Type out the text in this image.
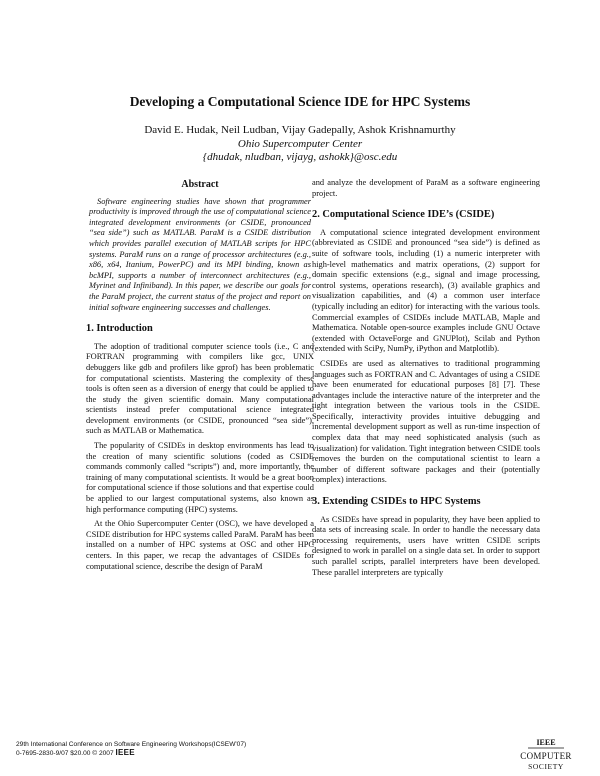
Developing a Computational Science IDE for HPC Systems
David E. Hudak, Neil Ludban, Vijay Gadepally, Ashok Krishnamurthy
Ohio Supercomputer Center
{dhudak, nludban, vijayg, ashokk}@osc.edu
Abstract

Software engineering studies have shown that programmer productivity is improved through the use of computational science integrated development environments (or CSIDE, pronounced “sea side”) such as MATLAB. ParaM is a CSIDE distribution which provides parallel execution of MATLAB scripts for HPC systems. ParaM runs on a range of processor architectures (e.g., x86, x64, Itanium, PowerPC) and its MPI binding, known as bcMPI, supports a number of interconnect architectures (e.g., Myrinet and Infiniband). In this paper, we describe our goals for the ParaM project, the current status of the project and report on initial software engineering successes and challenges.

1. Introduction

The adoption of traditional computer science tools (i.e., C and FORTRAN programming with compilers like gcc, UNIX debuggers like gdb and profilers like gprof) has been problematic for computational scientists. Mastering the complexity of these tools is often seen as a diversion of energy that could be applied to the study the given scientific domain. Many computational scientists instead prefer computational science integrated development environments (or CSIDE, pronounced “sea side”), such as MATLAB or Mathematica.

The popularity of CSIDEs in desktop environments has lead to the creation of many scientific solutions (coded as CSIDE commands commonly called “scripts”) and, more importantly, the training of many computational scientists. It would be a great boon for computational science if those solutions and that expertise could be applied to our largest computational systems, also known as high performance computing (HPC) systems.

At the Ohio Supercomputer Center (OSC), we have developed a CSIDE distribution for HPC systems called ParaM. ParaM has been installed on a number of HPC systems at OSC and other HPC centers. In this paper, we recap the advantages of CSIDEs for computational science, describe the design of ParaM

and analyze the development of ParaM as a software engineering project.

2. Computational Science IDE’s (CSIDE)

A computational science integrated development environment (abbreviated as CSIDE and pronounced “sea side”) is defined as suite of software tools, including (1) a numeric interpreter with high-level mathematics and matrix operations, (2) support for domain specific extensions (e.g., signal and image processing, control systems, operations research), (3) available graphics and visualization capabilities, and (4) a common user interface (typically including an editor) for interacting with the various tools. Commercial examples of CSIDEs include MATLAB, Maple and Mathematica. Notable open-source examples include GNU Octave (extended with OctaveForge and GNUPlot), Scilab and Python (extended with SciPy, NumPy, iPython and Matplotlib).

CSIDEs are used as alternatives to traditional programming languages such as FORTRAN and C. Advantages of using a CSIDE have been enumerated for educational purposes [8] [7]. These advantages include the interactive nature of the interpreter and the tight integration between the various tools in the CSIDE. Specifically, interactivity provides intuitive debugging and incremental development support as well as run-time inspection of complex data that may need sophisticated analysis (such as visualization) for validation. Tight integration between CSIDE tools removes the burden on the computational scientist to learn a number of different software packages and their (potentially complex) interactions.

3. Extending CSIDEs to HPC Systems

As CSIDEs have spread in popularity, they have been applied to data sets of increasing scale. In order to handle the necessary data processing requirements, users have written CSIDE scripts designed to work in parallel on a single data set. In order to support such parallel scripts, parallel interpreters have been developed. These parallel interpreters are typically

29th International Conference on Software Engineering Workshops(ICSEW'07)
0-7695-2830-9/07 $20.00 © 2007 IEEE
IEEE
COMPUTER
SOCIETY
